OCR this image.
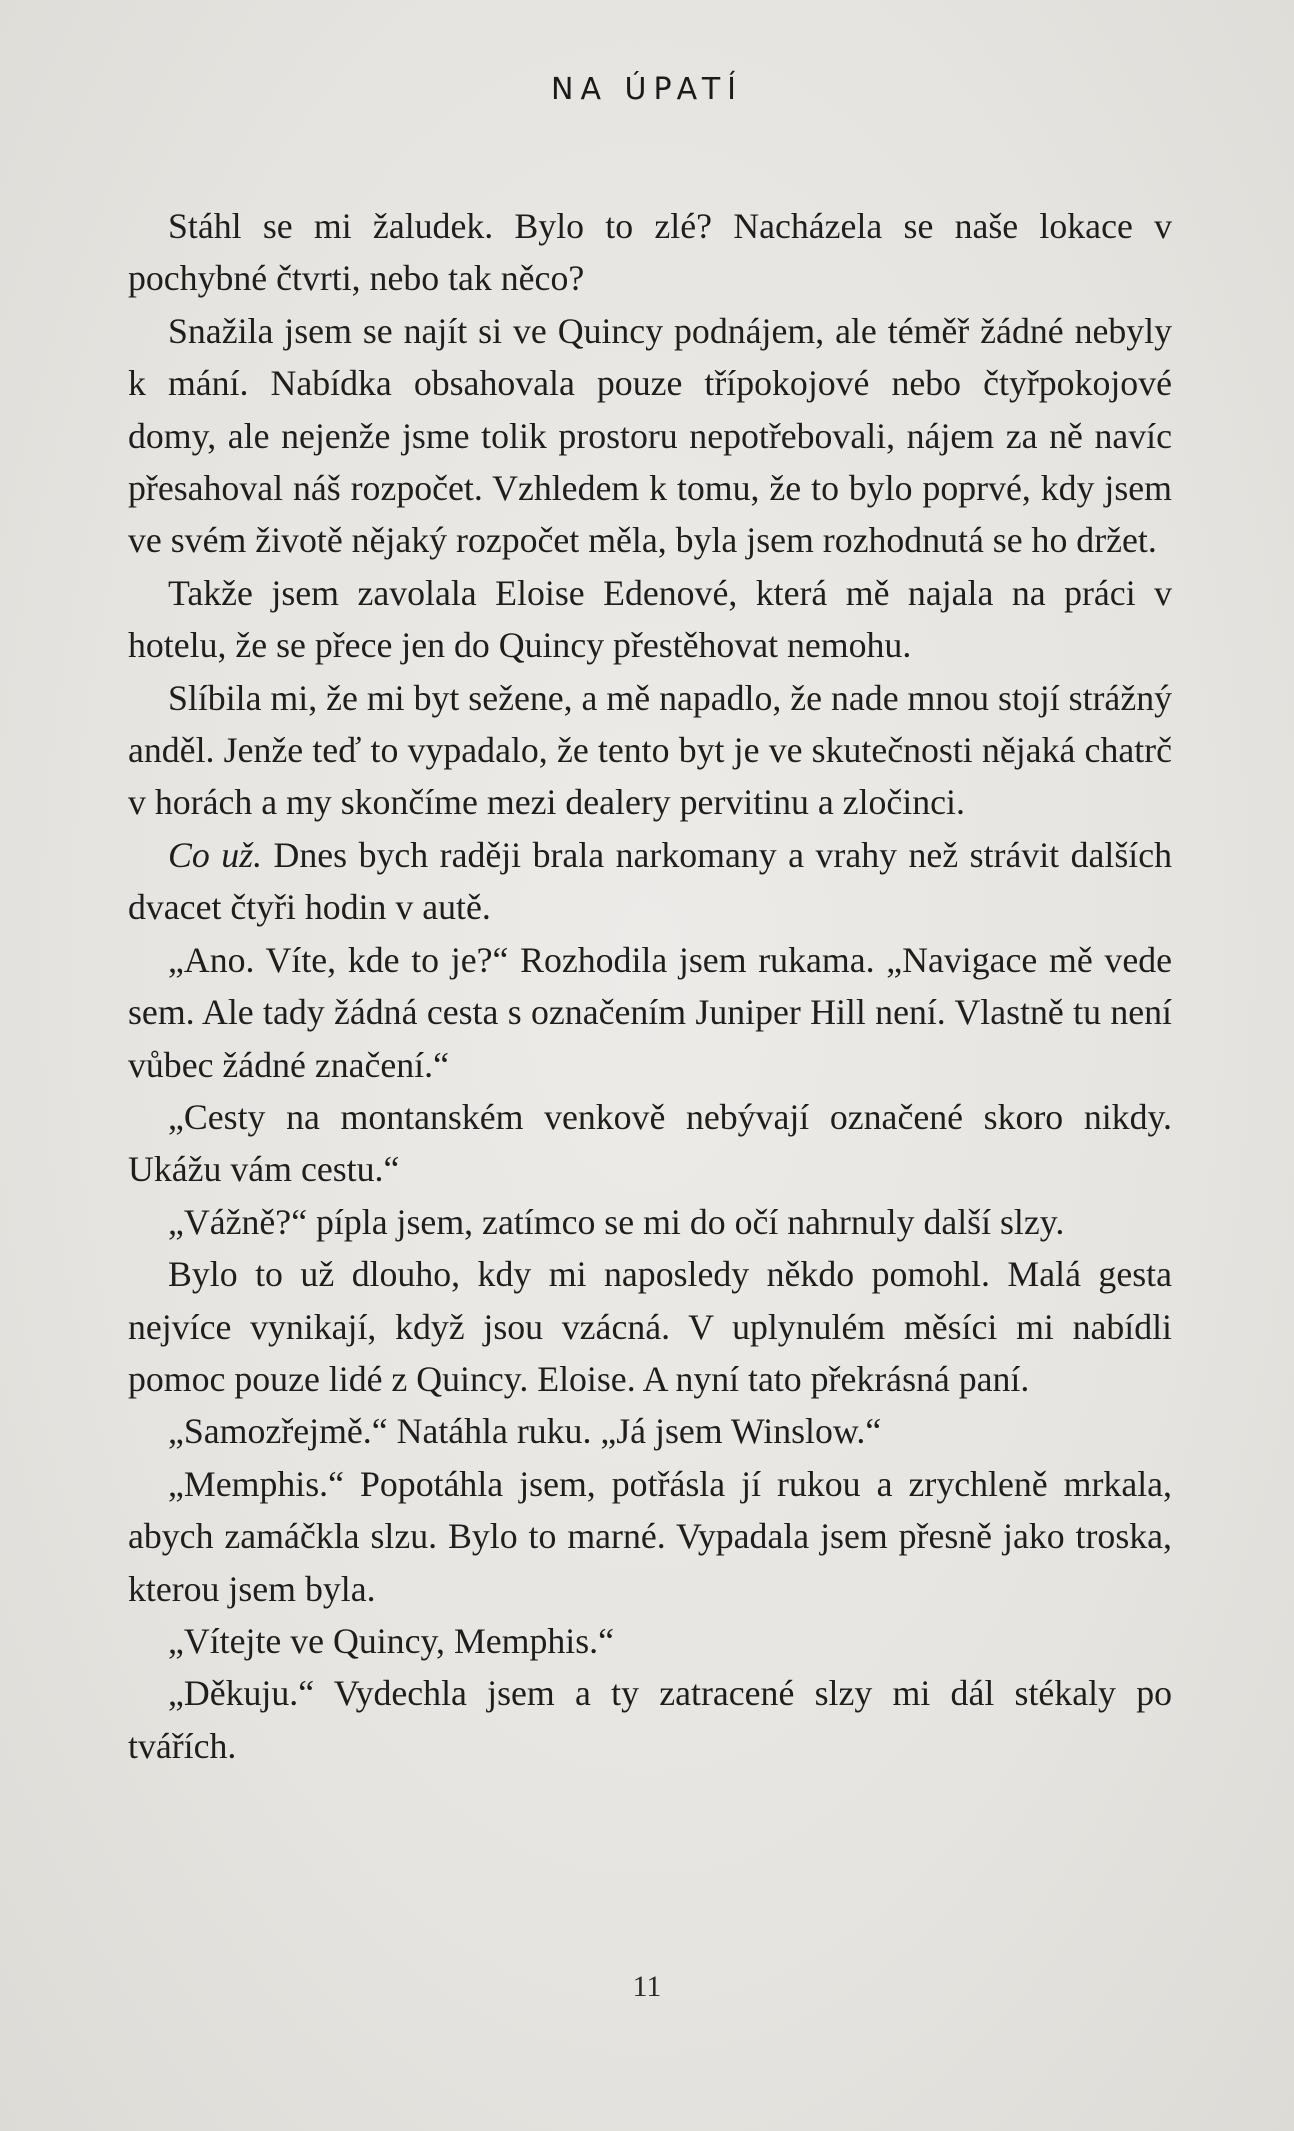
NA ÚPATÍ

Stáhl se mi žaludek. Bylo to zlé? Nacházela se naše lokace v pochybné čtvrti, nebo tak něco?

Snažila jsem se najít si ve Quincy podnájem, ale téměř žádné nebyly k mání. Nabídka obsahovala pouze třípokojové nebo čtyřpokojové domy, ale nejenže jsme tolik prostoru nepotřebovali, nájem za ně navíc přesahoval náš rozpočet. Vzhledem k tomu, že to bylo poprvé, kdy jsem ve svém životě nějaký rozpočet měla, byla jsem rozhodnutá se ho držet.

Takže jsem zavolala Eloise Edenové, která mě najala na práci v hotelu, že se přece jen do Quincy přestěhovat nemohu.

Slíbila mi, že mi byt sežene, a mě napadlo, že nade mnou stojí strážný anděl. Jenže teď to vypadalo, že tento byt je ve skutečnosti nějaká chatrč v horách a my skončíme mezi dealery pervitinu a zločinci.

Co už. Dnes bych raději brala narkomany a vrahy než strávit dalších dvacet čtyři hodin v autě.

„Ano. Víte, kde to je?“ Rozhodila jsem rukama. „Navigace mě vede sem. Ale tady žádná cesta s označením Juniper Hill není. Vlastně tu není vůbec žádné značení.“

„Cesty na montanském venkově nebývají označené skoro nikdy. Ukážu vám cestu.“

„Vážně?“ pípla jsem, zatímco se mi do očí nahrnuly další slzy.

Bylo to už dlouho, kdy mi naposledy někdo pomohl. Malá gesta nejvíce vynikají, když jsou vzácná. V uplynulém měsíci mi nabídli pomoc pouze lidé z Quincy. Eloise. A nyní tato překrásná paní.

„Samozřejmě.“ Natáhla ruku. „Já jsem Winslow.“

„Memphis.“ Popotáhla jsem, potřásla jí rukou a zrychleně mrkala, abych zamáčkla slzu. Bylo to marné. Vypadala jsem přesně jako troska, kterou jsem byla.

„Vítejte ve Quincy, Memphis.“

„Děkuju.“ Vydechla jsem a ty zatracené slzy mi dál stékaly po tvářích.

11
